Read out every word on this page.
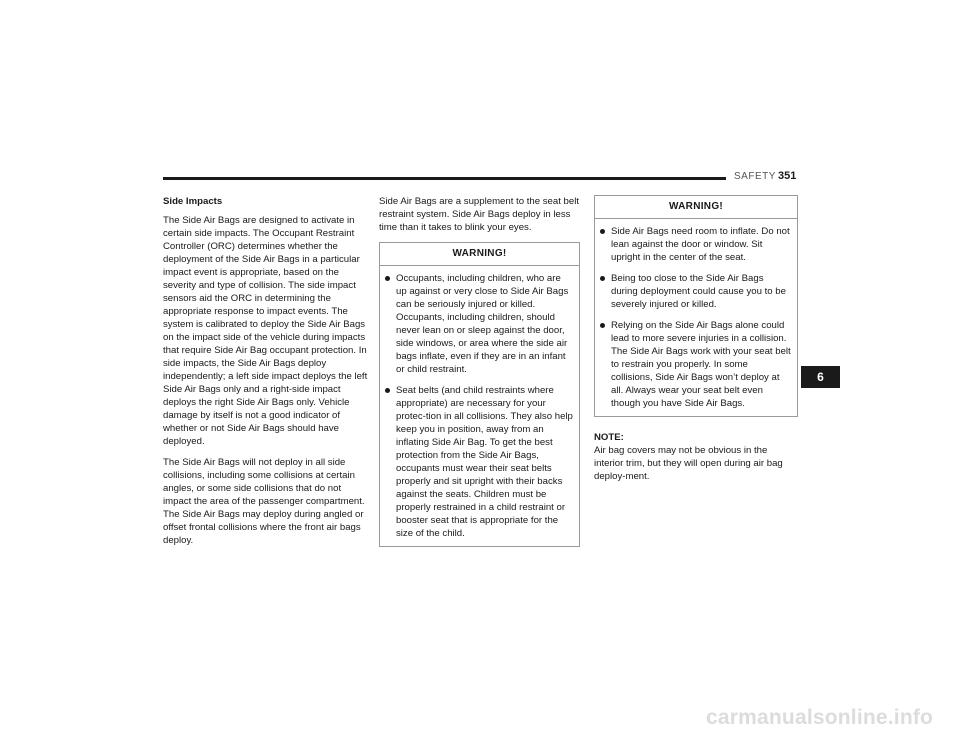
SAFETY 351

Side Impacts

The Side Air Bags are designed to activate in certain side impacts. The Occupant Restraint Controller (ORC) determines whether the deployment of the Side Air Bags in a particular impact event is appropriate, based on the severity and type of collision. The side impact sensors aid the ORC in determining the appropriate response to impact events. The system is calibrated to deploy the Side Air Bags on the impact side of the vehicle during impacts that require Side Air Bag occupant protection. In side impacts, the Side Air Bags deploy independently; a left side impact deploys the left Side Air Bags only and a right-side impact deploys the right Side Air Bags only. Vehicle damage by itself is not a good indicator of whether or not Side Air Bags should have deployed.

The Side Air Bags will not deploy in all side collisions, including some collisions at certain angles, or some side collisions that do not impact the area of the passenger compartment. The Side Air Bags may deploy during angled or offset frontal collisions where the front air bags deploy.

Side Air Bags are a supplement to the seat belt restraint system. Side Air Bags deploy in less time than it takes to blink your eyes.

WARNING!
Occupants, including children, who are up against or very close to Side Air Bags can be seriously injured or killed. Occupants, including children, should never lean on or sleep against the door, side windows, or area where the side air bags inflate, even if they are in an infant or child restraint.
Seat belts (and child restraints where appropriate) are necessary for your protec-tion in all collisions. They also help keep you in position, away from an inflating Side Air Bag. To get the best protection from the Side Air Bags, occupants must wear their seat belts properly and sit upright with their backs against the seats. Children must be properly restrained in a child restraint or booster seat that is appropriate for the size of the child.
WARNING!
Side Air Bags need room to inflate. Do not lean against the door or window. Sit upright in the center of the seat.
Being too close to the Side Air Bags during deployment could cause you to be severely injured or killed.
Relying on the Side Air Bags alone could lead to more severe injuries in a collision. The Side Air Bags work with your seat belt to restrain you properly. In some collisions, Side Air Bags won’t deploy at all. Always wear your seat belt even though you have Side Air Bags.

NOTE:
Air bag covers may not be obvious in the interior trim, but they will open during air bag deploy-ment.

6
carmanualsonline.info
